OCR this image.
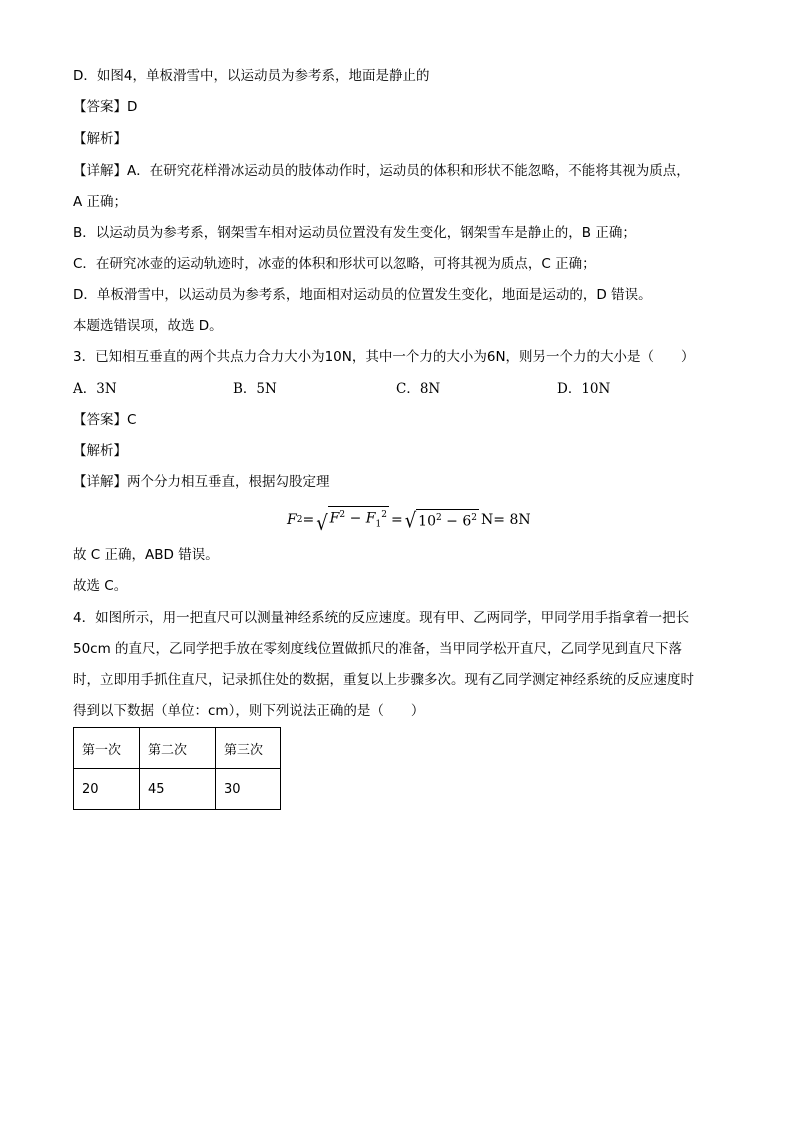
D．如图4，单板滑雪中，以运动员为参考系，地面是静止的
【答案】D
【解析】
【详解】A．在研究花样滑冰运动员的肢体动作时，运动员的体积和形状不能忽略，不能将其视为质点，
A 正确；
B．以运动员为参考系，钢架雪车相对运动员位置没有发生变化，钢架雪车是静止的，B 正确；
C．在研究冰壶的运动轨迹时，冰壶的体积和形状可以忽略，可将其视为质点，C 正确；
D．单板滑雪中，以运动员为参考系，地面相对运动员的位置发生变化，地面是运动的，D 错误。
本题选错误项，故选 D。
3．已知相互垂直的两个共点力合力大小为10N，其中一个力的大小为6N，则另一个力的大小是（　　）
A．3N	B．5N	C．8N	D．10N
【答案】C
【解析】
【详解】两个分力相互垂直，根据勾股定理
F 2 = √ $F^2 - F_1^2$ = √ $10^2 - 6^2$ N = 8N
故 C 正确，ABD 错误。
故选 C。
4．如图所示，用一把直尺可以测量神经系统的反应速度。现有甲、乙两同学，甲同学用手指拿着一把长
50cm 的直尺，乙同学把手放在零刻度线位置做抓尺的准备，当甲同学松开直尺，乙同学见到直尺下落
时，立即用手抓住直尺，记录抓住处的数据，重复以上步骤多次。现有乙同学测定神经系统的反应速度时
得到以下数据（单位：cm），则下列说法正确的是（　　）
第一次	第二次	第三次
20	45	30
